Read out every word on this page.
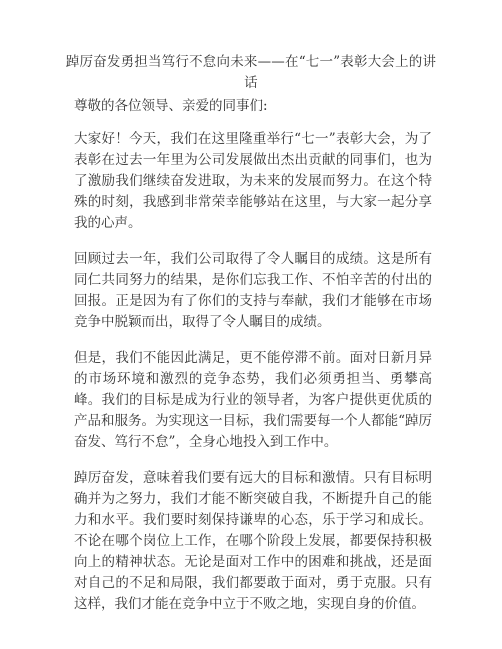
踔厉奋发勇担当笃行不怠向未来——在“七一”表彰大会上的讲话

尊敬的各位领导、亲爱的同事们:

大家好！今天，我们在这里隆重举行“七一”表彰大会，为了表彰在过去一年里为公司发展做出杰出贡献的同事们，也为了激励我们继续奋发进取，为未来的发展而努力。在这个特殊的时刻，我感到非常荣幸能够站在这里，与大家一起分享我的心声。

回顾过去一年，我们公司取得了令人瞩目的成绩。这是所有同仁共同努力的结果，是你们忘我工作、不怕辛苦的付出的回报。正是因为有了你们的支持与奉献，我们才能够在市场竞争中脱颖而出，取得了令人瞩目的成绩。

但是，我们不能因此满足，更不能停滞不前。面对日新月异的市场环境和激烈的竞争态势，我们必须勇担当、勇攀高峰。我们的目标是成为行业的领导者，为客户提供更优质的产品和服务。为实现这一目标，我们需要每一个人都能“踔厉奋发、笃行不怠”，全身心地投入到工作中。

踔厉奋发，意味着我们要有远大的目标和激情。只有目标明确并为之努力，我们才能不断突破自我，不断提升自己的能力和水平。我们要时刻保持谦卑的心态，乐于学习和成长。不论在哪个岗位上工作，在哪个阶段上发展，都要保持积极向上的精神状态。无论是面对工作中的困难和挑战，还是面对自己的不足和局限，我们都要敢于面对，勇于克服。只有这样，我们才能在竞争中立于不败之地，实现自身的价值。
